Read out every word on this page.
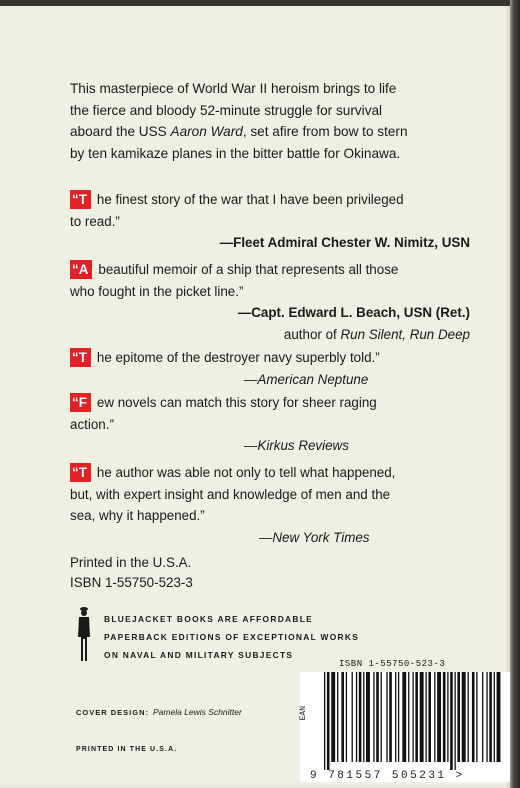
This masterpiece of World War II heroism brings to life
the fierce and bloody 52-minute struggle for survival
aboard the USS Aaron Ward, set afire from bow to stern
by ten kamikaze planes in the bitter battle for Okinawa.
“T he finest story of the war that I have been privileged
to read.”
—Fleet Admiral Chester W. Nimitz, USN
“A beautiful memoir of a ship that represents all those
who fought in the picket line.”
—Capt. Edward L. Beach, USN (Ret.)
author of Run Silent, Run Deep
“T he epitome of the destroyer navy superbly told.”
—American Neptune
“F ew novels can match this story for sheer raging
action.”
—Kirkus Reviews
“T he author was able not only to tell what happened,
but, with expert insight and knowledge of men and the
sea, why it happened.”
—New York Times
Printed in the U.S.A.
ISBN 1-55750-523-3
BLUEJACKET BOOKS ARE AFFORDABLE
PAPERBACK EDITIONS OF EXCEPTIONAL WORKS
ON NAVAL AND MILITARY SUBJECTS
ISBN 1-55750-523-3
EAN
9 781557 505231 >
COVER DESIGN: Pamela Lewis Schnitter
PRINTED IN THE U.S.A.
